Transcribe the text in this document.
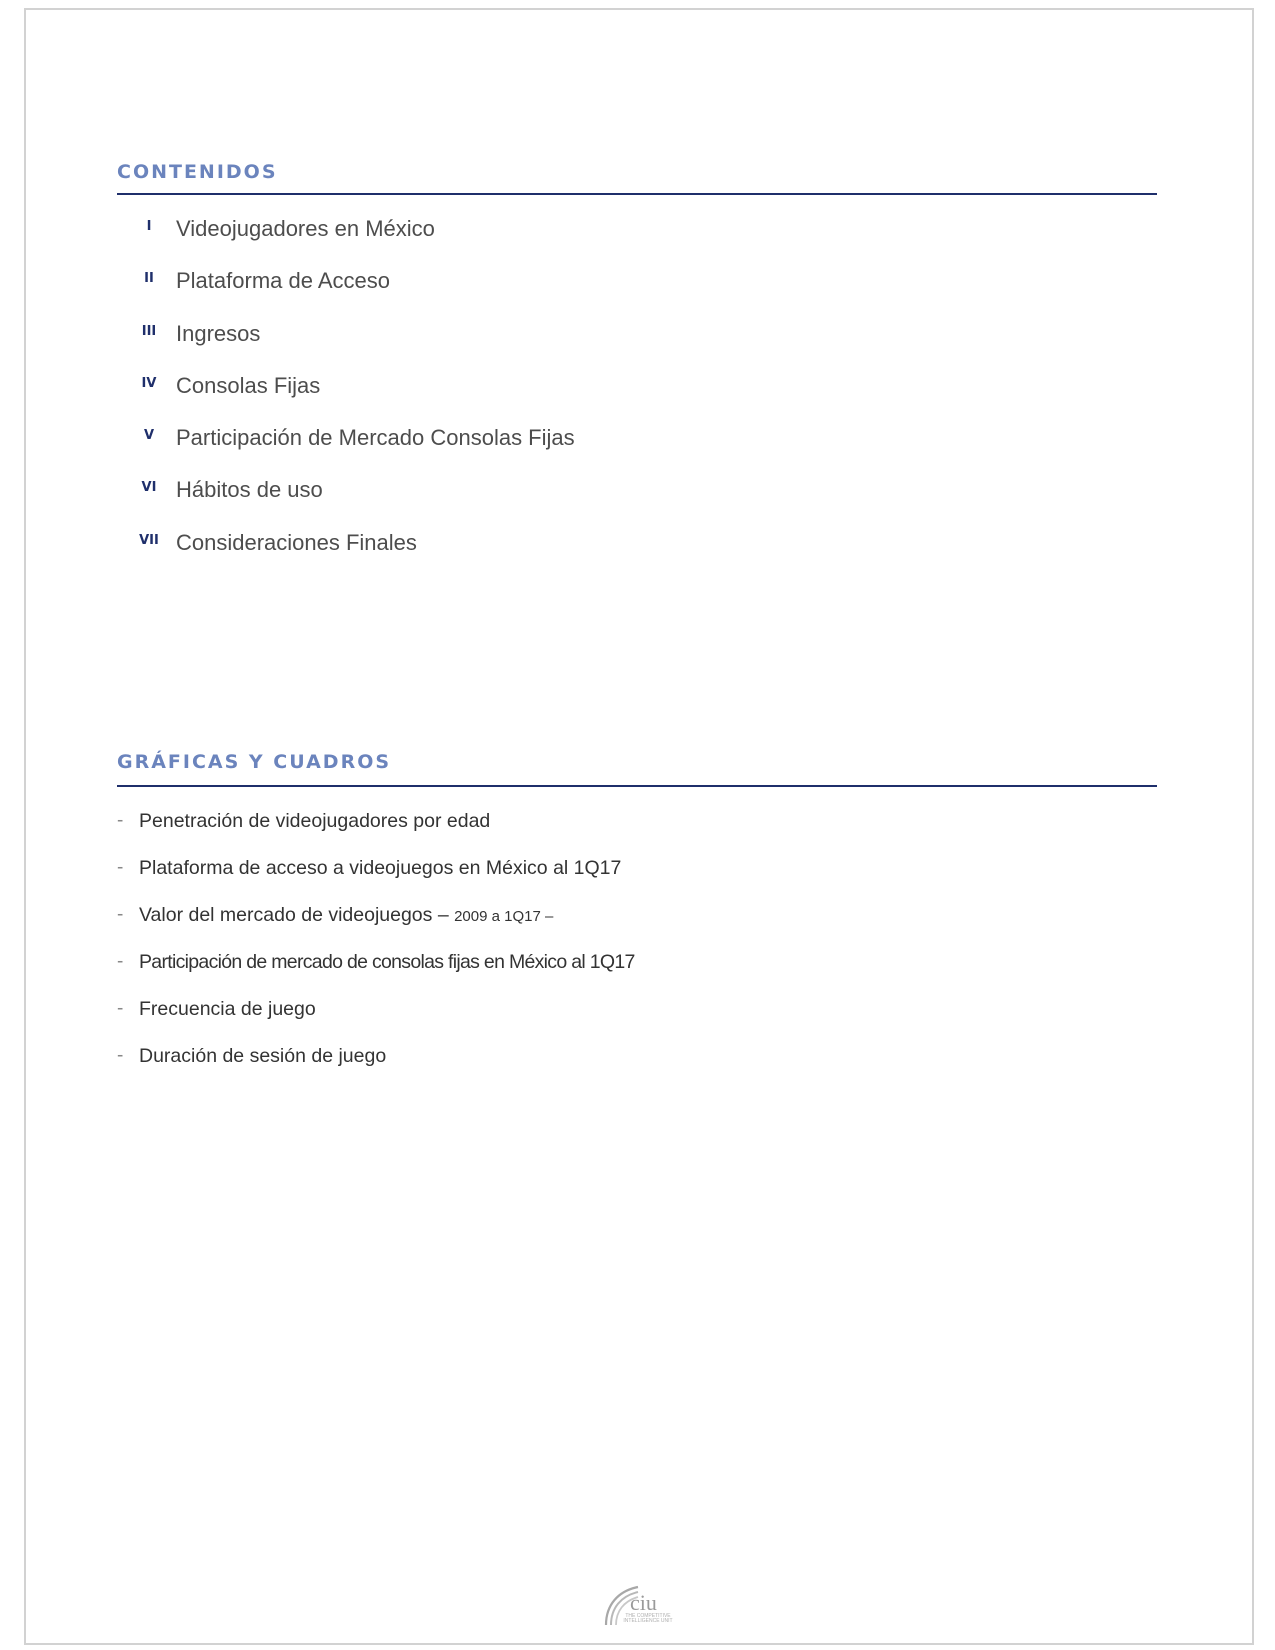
CONTENIDOS
I	Videojugadores en México
II	Plataforma de Acceso
III Ingresos
IV Consolas Fijas
V Participación de Mercado Consolas Fijas
VI Hábitos de uso
VII Consideraciones Finales
GRÁFICAS Y CUADROS
- Penetración de videojugadores por edad
- Plataforma de acceso a videojuegos en México al 1Q17
- Valor del mercado de videojuegos – 2009 a 1Q17 –
- Participación de mercado de consolas fijas en México al 1Q17
- Frecuencia de juego
- Duración de sesión de juego
ciu
THE COMPETITIVE INTELLIGENCE UNIT
